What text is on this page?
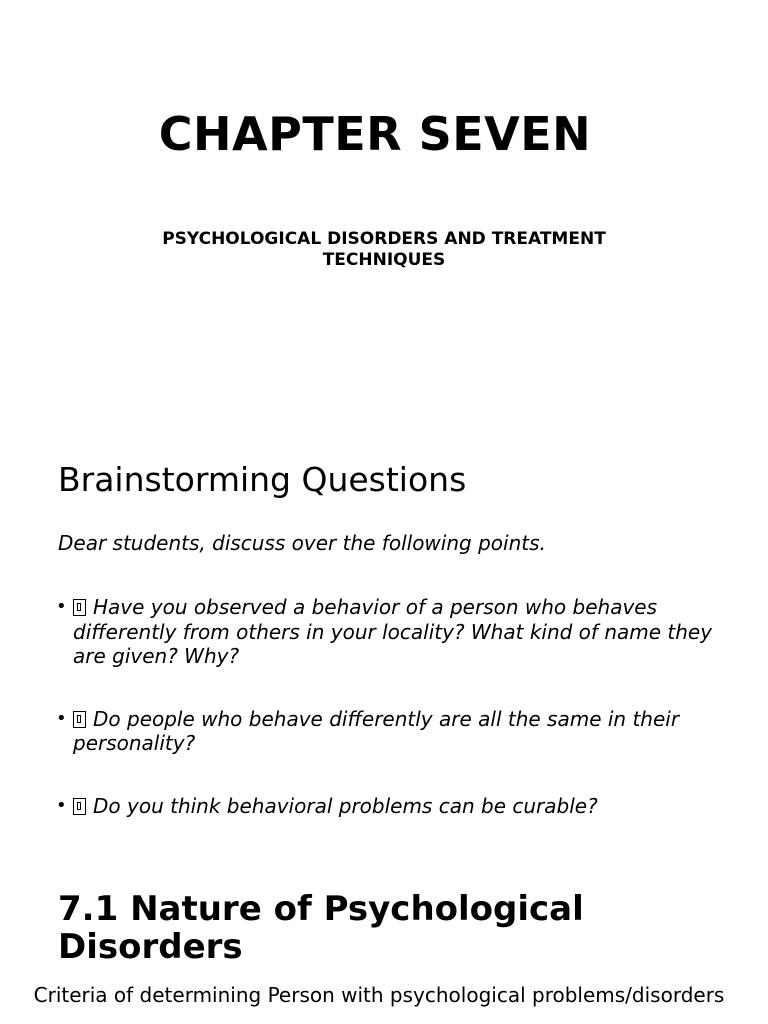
CHAPTER SEVEN
PSYCHOLOGICAL DISORDERS AND TREATMENT TECHNIQUES
Brainstorming Questions

Dear students, discuss over the following points.

• Have you observed a behavior of a person who behaves differently from others in your locality? What kind of name they are given? Why?
• Do people who behave differently are all the same in their personality?
• Do you think behavioral problems can be curable?
7.1 Nature of Psychological Disorders

Criteria of determining Person with psychological problems/disorders
